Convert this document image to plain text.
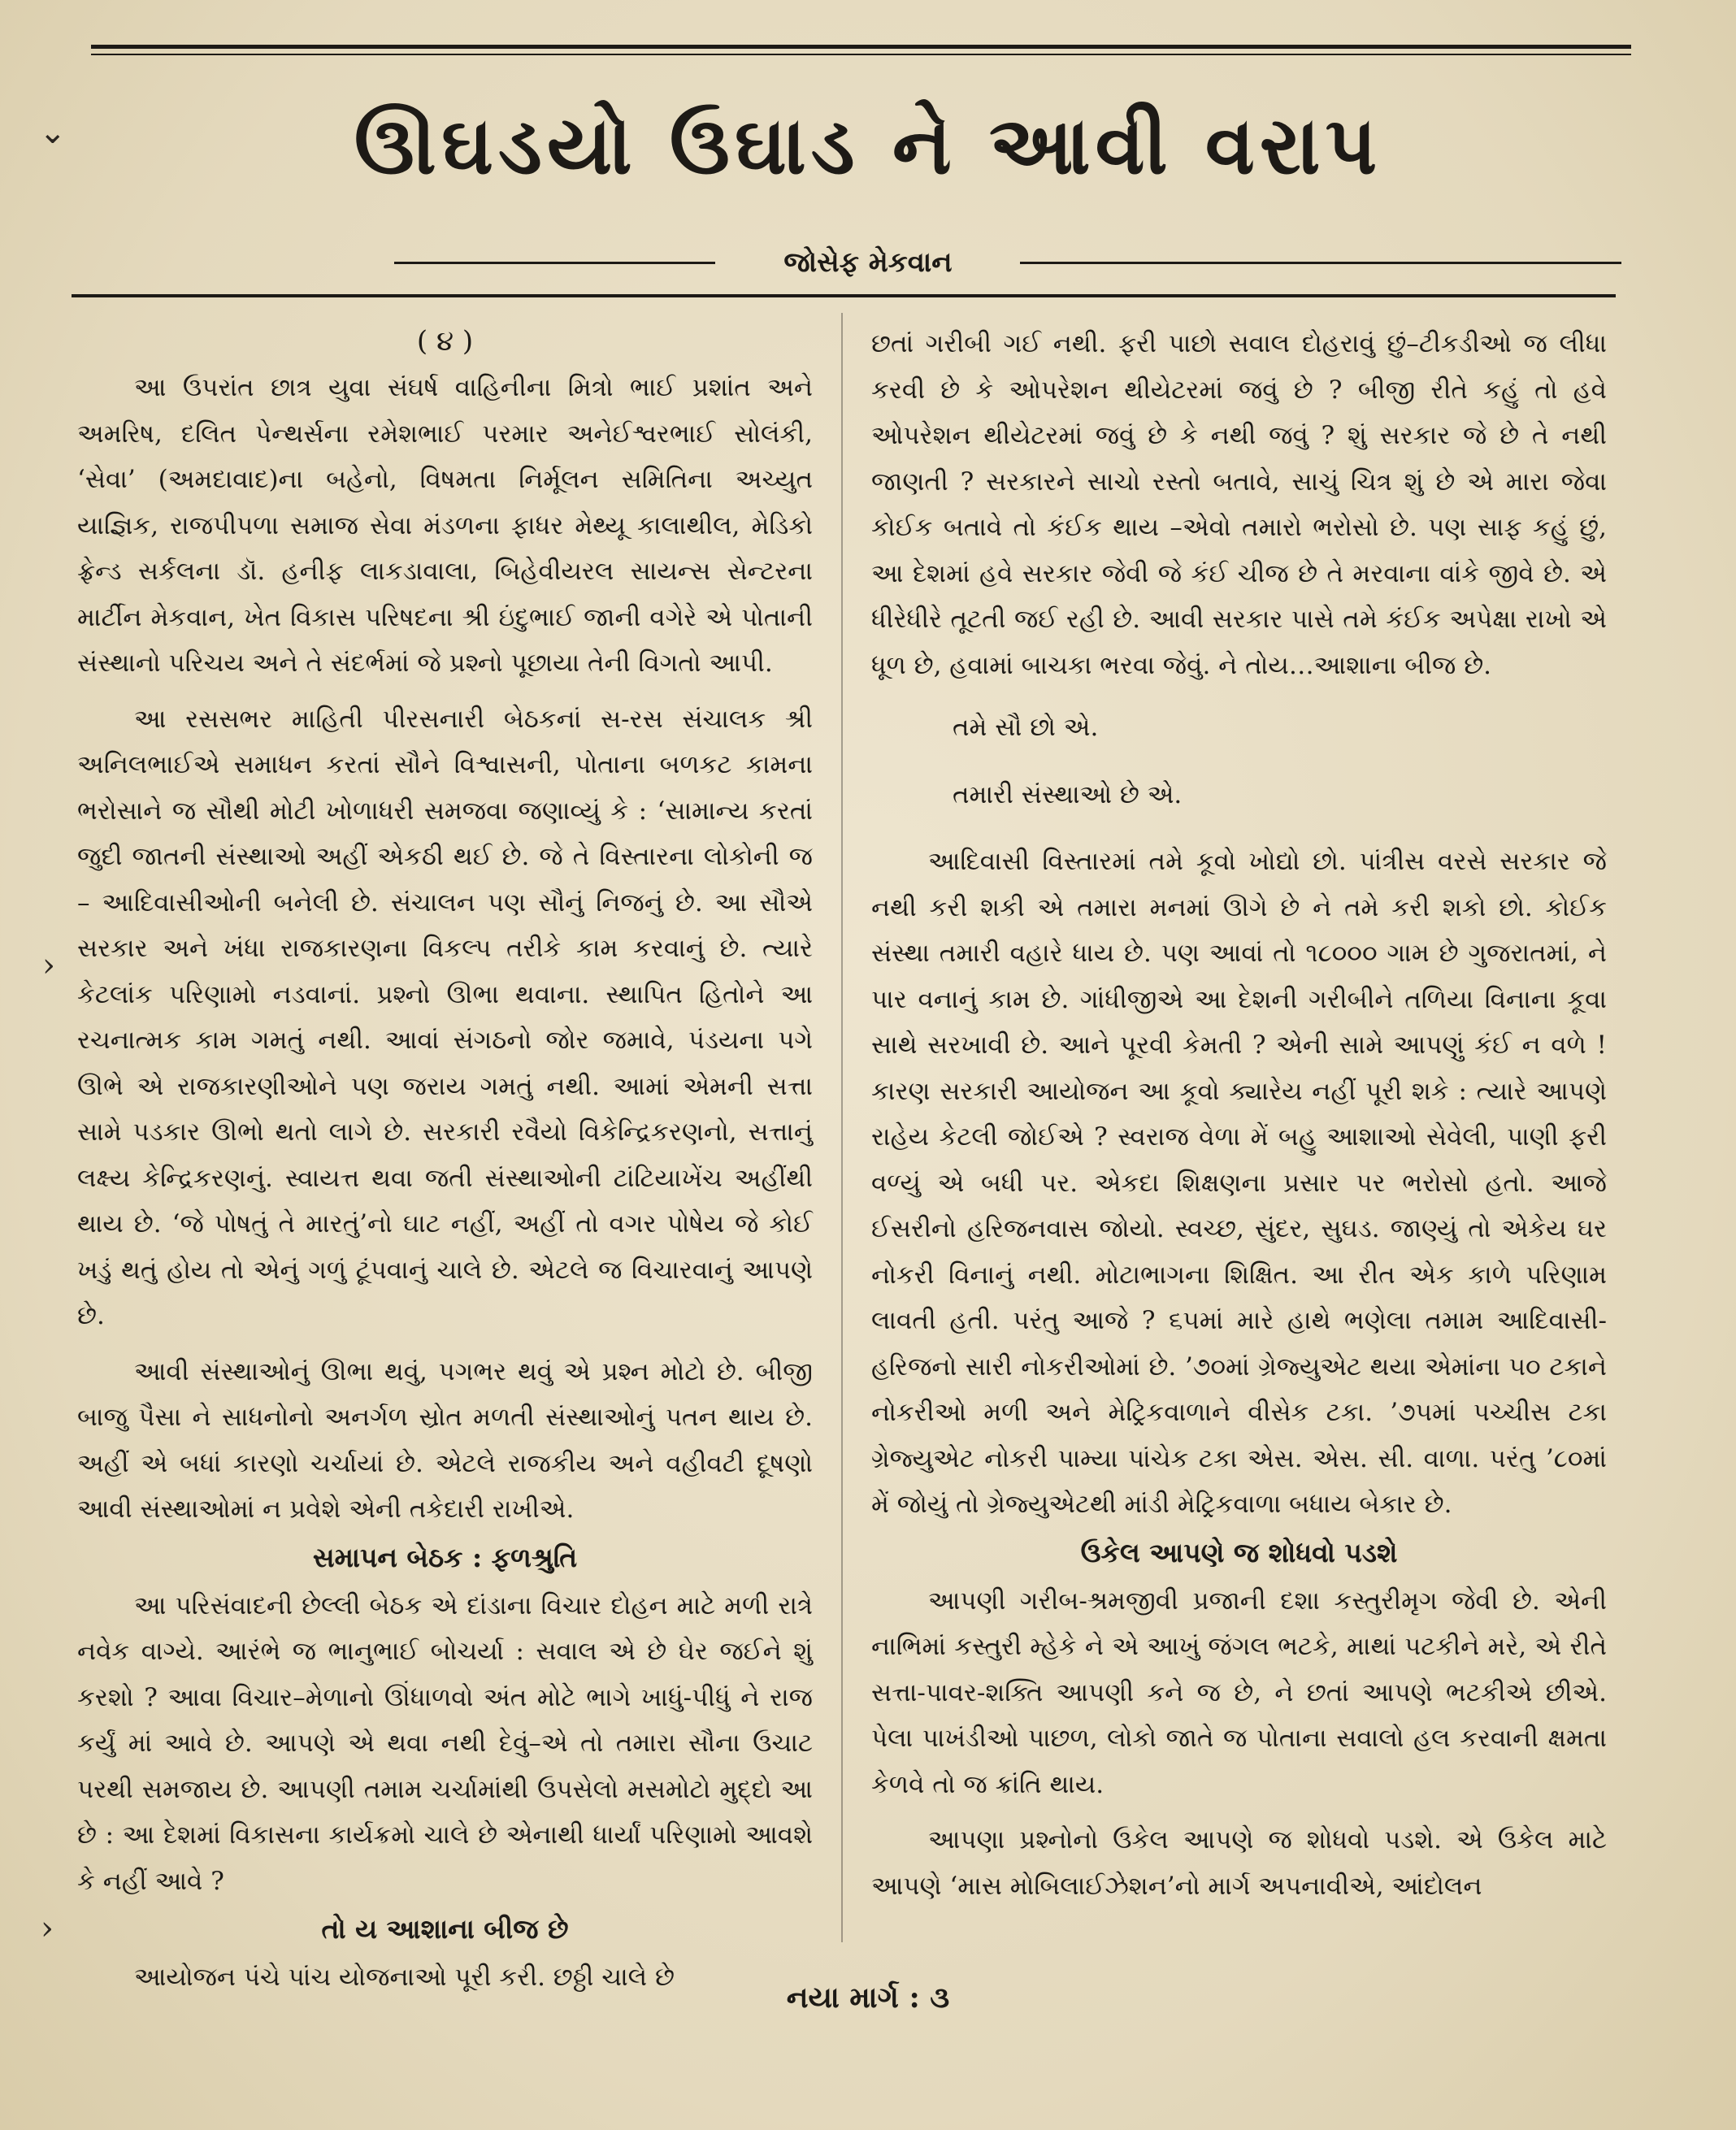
ઊઘડયો ઉઘાડ ને આવી વરાપ
જોસેફ મેકવાન
( ૪ )

આ ઉપરાંત છાત્ર યુવા સંઘર્ષ વાહિનીના મિત્રો ભાઈ પ્રશાંત અને અમરિષ, દલિત પેન્થર્સના રમેશભાઈ પરમાર અનેઈશ્વરભાઈ સોલંકી, ‘સેવા’ (અમદાવાદ)ના બહેનો, વિષમતા નિર્મૂલન સમિતિના અચ્યુત યાજ્ઞિક, રાજપીપળા સમાજ સેવા મંડળના ફાધર મેથ્યૂ કાલાથીલ, મેડિકો ફ્રેન્ડ સર્કલના ડૉ. હનીફ લાકડાવાલા, બિહેવીયરલ સાયન્સ સેન્ટરના માર્ટીન મેકવાન, ખેત વિકાસ પરિષદના શ્રી ઇંદુભાઈ જાની વગેરે એ પોતાની સંસ્થાનો પરિચય અને તે સંદર્ભમાં જે પ્રશ્નો પૂછાયા તેની વિગતો આપી.

આ રસસભર માહિતી પીરસનારી બેઠકનાં સ-રસ સંચાલક શ્રી અનિલભાઈએ સમાધન કરતાં સૌને વિશ્વાસની, પોતાના બળકટ કામના ભરોસાને જ સૌથી મોટી ખોળાધરી સમજવા જણાવ્યું કે : ‘સામાન્ય કરતાં જુદી જાતની સંસ્થાઓ અહીં એકઠી થઈ છે. જે તે વિસ્તારના લોકોની જ – આદિવાસીઓની બનેલી છે. સંચાલન પણ સૌનું નિજનું છે. આ સૌએ સરકાર અને ખંધા રાજકારણના વિકલ્પ તરીકે કામ કરવાનું છે. ત્યારે કેટલાંક પરિણામો નડવાનાં. પ્રશ્નો ઊભા થવાના. સ્થાપિત હિતોને આ રચનાત્મક કામ ગમતું નથી. આવાં સંગઠનો જોર જમાવે, પંડયના પગે ઊભે એ રાજકારણીઓને પણ જરાય ગમતું નથી. આમાં એમની સત્તા સામે પડકાર ઊભો થતો લાગે છે. સરકારી રવૈયો વિકેન્દ્રિકરણનો, સત્તાનું લક્ષ્ય કેન્દ્રિકરણનું. સ્વાયત્ત થવા જતી સંસ્થાઓની ટાંટિયાખેંચ અહીંથી થાય છે. ‘જે પોષતું તે મારતું’નો ઘાટ નહીં, અહીં તો વગર પોષેય જે કોઈ ખડું થતું હોય તો એનું ગળું ટૂંપવાનું ચાલે છે. એટલે જ વિચારવાનું આપણે છે.

આવી સંસ્થાઓનું ઊભા થવું, પગભર થવું એ પ્રશ્ન મોટો છે. બીજી બાજુ પૈસા ને સાધનોનો અનર્ગળ સ્રોત મળતી સંસ્થાઓનું પતન થાય છે. અહીં એ બધાં કારણો ચર્ચાયાં છે. એટલે રાજકીય અને વહીવટી દૂષણો આવી સંસ્થાઓમાં ન પ્રવેશે એની તકેદારી રાખીએ.

સમાપન બેઠક : ફળશ્રુતિ

આ પરિસંવાદની છેલ્લી બેઠક એ દાંડાના વિચાર દોહન માટે મળી રાત્રે નવેક વાગ્યે. આરંભે જ ભાનુભાઈ બોચર્યા : સવાલ એ છે ઘેર જઈને શું કરશો ? આવા વિચાર–મેળાનો ઊંધાળવો અંત મોટે ભાગે ખાધું-પીધું ને રાજ કર્યું માં આવે છે. આપણે એ થવા નથી દેવું–એ તો તમારા સૌના ઉચાટ પરથી સમજાય છે. આપણી તમામ ચર્ચામાંથી ઉપસેલો મસમોટો મુદ્દો આ છે : આ દેશમાં વિકાસના કાર્યક્રમો ચાલે છે એનાથી ધાર્યાં પરિણામો આવશે કે નહીં આવે ?

તો ય આશાના બીજ છે

આયોજન પંચે પાંચ યોજનાઓ પૂરી કરી. છઠ્ઠી ચાલે છે

છતાં ગરીબી ગઈ નથી. ફરી પાછો સવાલ દોહરાવું છું–ટીકડીઓ જ લીધા કરવી છે કે ઓપરેશન થીયેટરમાં જવું છે ? બીજી રીતે કહું તો હવે ઓપરેશન થીયેટરમાં જવું છે કે નથી જવું ? શું સરકાર જે છે તે નથી જાણતી ? સરકારને સાચો રસ્તો બતાવે, સાચું ચિત્ર શું છે એ મારા જેવા કોઈક બતાવે તો કંઈક થાય –એવો તમારો ભરોસો છે. પણ સાફ કહું છું, આ દેશમાં હવે સરકાર જેવી જે કંઈ ચીજ છે તે મરવાના વાંકે જીવે છે. એ ધીરેધીરે તૂટતી જઈ રહી છે. આવી સરકાર પાસે તમે કંઈક અપેક્ષા રાખો એ ધૂળ છે, હવામાં બાચકા ભરવા જેવું. ને તોય…આશાના બીજ છે.

તમે સૌ છો એ.

તમારી સંસ્થાઓ છે એ.

આદિવાસી વિસ્તારમાં તમે કૂવો ખોદ્યો છો. પાંત્રીસ વરસે સરકાર જે નથી કરી શકી એ તમારા મનમાં ઊગે છે ને તમે કરી શકો છો. કોઈક સંસ્થા તમારી વહારે ધાય છે. પણ આવાં તો ૧૮૦૦૦ ગામ છે ગુજરાતમાં, ને પાર વનાનું કામ છે. ગાંધીજીએ આ દેશની ગરીબીને તળિયા વિનાના કૂવા સાથે સરખાવી છે. આને પૂરવી કેમતી ? એની સામે આપણું કંઈ ન વળે ! કારણ સરકારી આયોજન આ કૂવો ક્યારેય નહીં પૂરી શકે : ત્યારે આપણે રાહેય કેટલી જોઈએ ? સ્વરાજ વેળા મેં બહુ આશાઓ સેવેલી, પાણી ફરી વળ્યું એ બધી પર. એકદા શિક્ષણના પ્રસાર પર ભરોસો હતો. આજે ઈસરીનો હરિજનવાસ જોયો. સ્વચ્છ, સુંદર, સુઘડ. જાણ્યું તો એકેય ઘર નોકરી વિનાનું નથી. મોટાભાગના શિક્ષિત. આ રીત એક કાળે પરિણામ લાવતી હતી. પરંતુ આજે ? ૬૫માં મારે હાથે ભણેલા તમામ આદિવાસી-હરિજનો સારી નોકરીઓમાં છે. ’૭૦માં ગ્રેજ્યુએટ થયા એમાંના ૫૦ ટકાને નોકરીઓ મળી અને મેટ્રિકવાળાને વીસેક ટકા. ’૭૫માં પચ્ચીસ ટકા ગ્રેજ્યુએટ નોકરી પામ્યા પાંચેક ટકા એસ. એસ. સી. વાળા. પરંતુ ’૮૦માં મેં જોયું તો ગ્રેજ્યુએટથી માંડી મેટ્રિકવાળા બધાય બેકાર છે.

ઉકેલ આપણે જ શોધવો પડશે

આપણી ગરીબ-શ્રમજીવી પ્રજાની દશા કસ્તુરીમૃગ જેવી છે. એની નાભિમાં કસ્તુરી મ્હેકે ને એ આખું જંગલ ભટકે, માથાં પટકીને મરે, એ રીતે સત્તા-પાવર-શક્તિ આપણી કને જ છે, ને છતાં આપણે ભટકીએ છીએ. પેલા પાખંડીઓ પાછળ, લોકો જાતે જ પોતાના સવાલો હલ કરવાની ક્ષમતા કેળવે તો જ ક્રાંતિ થાય.

આપણા પ્રશ્નોનો ઉકેલ આપણે જ શોધવો પડશે. એ ઉકેલ માટે આપણે ‘માસ મોબિલાઈઝેશન’નો માર્ગ અપનાવીએ, આંદોલન

નયા માર્ગ : ૩
⌄
›
›
